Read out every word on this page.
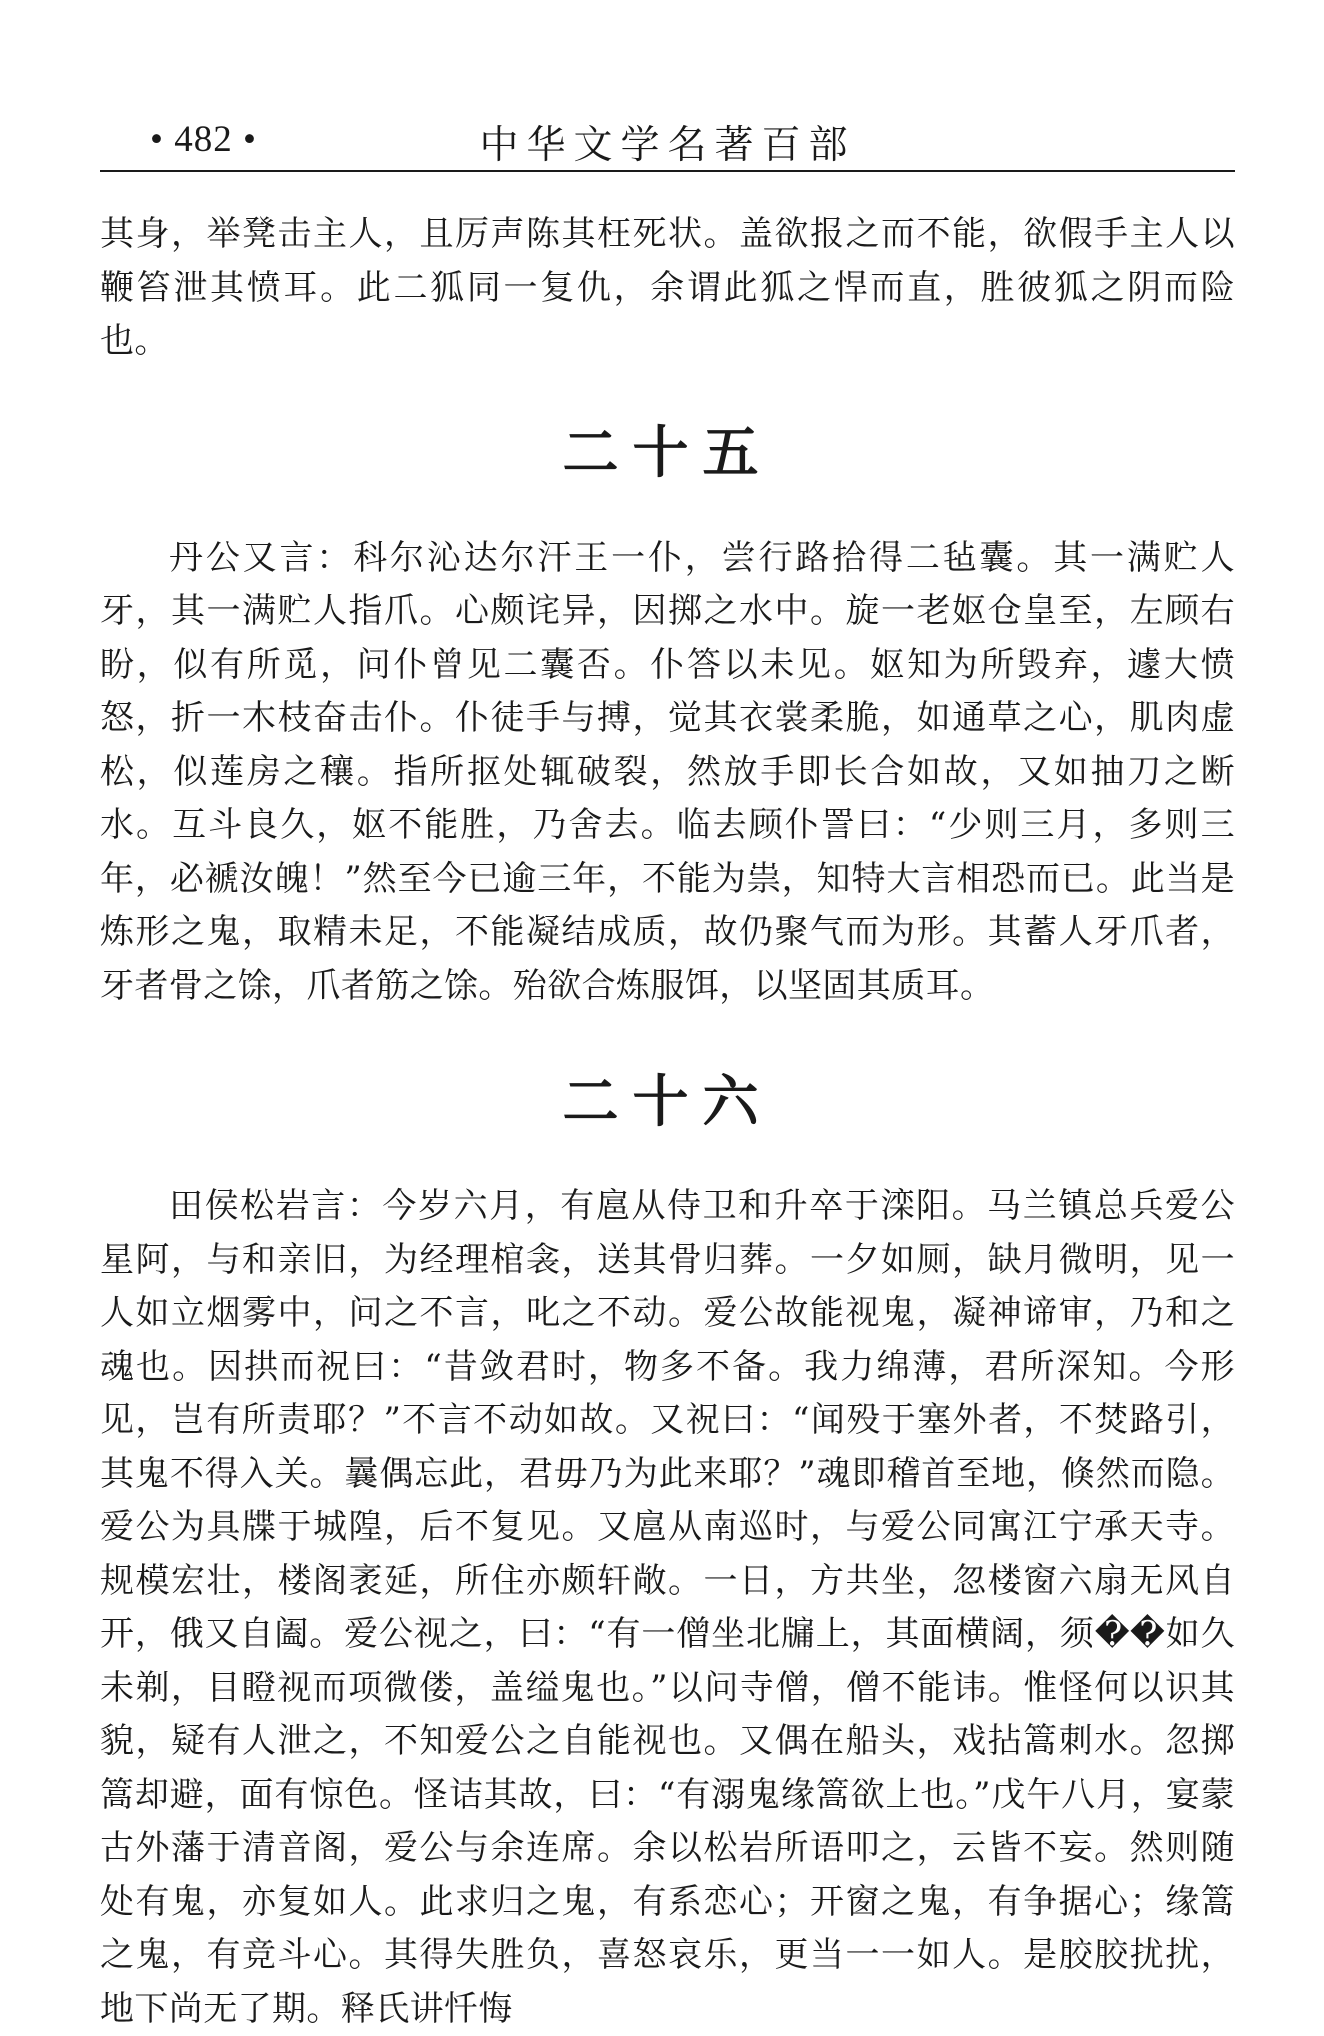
• 482 •	中华文学名著百部

其身，举凳击主人，且厉声陈其枉死状。盖欲报之而不能，欲假手主人以鞭笞泄其愤耳。此二狐同一复仇，余谓此狐之悍而直，胜彼狐之阴而险也。

二十五

丹公又言：科尔沁达尔汗王一仆，尝行路拾得二毡囊。其一满贮人牙，其一满贮人指爪。心颇诧异，因掷之水中。旋一老妪仓皇至，左顾右盼，似有所觅，问仆曾见二囊否。仆答以未见。妪知为所毁弃，遽大愤怒，折一木枝奋击仆。仆徒手与搏，觉其衣裳柔脆，如通草之心，肌肉虚松，似莲房之穰。指所抠处辄破裂，然放手即长合如故，又如抽刀之断水。互斗良久，妪不能胜，乃舍去。临去顾仆詈曰：“少则三月，多则三年，必褫汝魄！”然至今已逾三年，不能为祟，知特大言相恐而已。此当是炼形之鬼，取精未足，不能凝结成质，故仍聚气而为形。其蓄人牙爪者，牙者骨之馀，爪者筋之馀。殆欲合炼服饵，以坚固其质耳。

二十六

田侯松岩言：今岁六月，有扈从侍卫和升卒于滦阳。马兰镇总兵爱公星阿，与和亲旧，为经理棺衾，送其骨归葬。一夕如厕，缺月微明，见一人如立烟雾中，问之不言，叱之不动。爱公故能视鬼，凝神谛审，乃和之魂也。因拱而祝曰：“昔敛君时，物多不备。我力绵薄，君所深知。今形见，岂有所责耶？”不言不动如故。又祝曰：“闻殁于塞外者，不焚路引，其鬼不得入关。曩偶忘此，君毋乃为此来耶？”魂即稽首至地，倏然而隐。爱公为具牒于城隍，后不复见。又扈从南巡时，与爱公同寓江宁承天寺。规模宏壮，楼阁袤延，所住亦颇轩敞。一日，方共坐，忽楼窗六扇无风自开，俄又自阖。爱公视之，曰：“有一僧坐北牖上，其面横阔，须��如久未剃，目瞪视而项微偻，盖缢鬼也。”以问寺僧，僧不能讳。惟怪何以识其貌，疑有人泄之，不知爱公之自能视也。又偶在船头，戏拈篙刺水。忽掷篙却避，面有惊色。怪诘其故，曰：“有溺鬼缘篙欲上也。”戊午八月，宴蒙古外藩于清音阁，爱公与余连席。余以松岩所语叩之，云皆不妄。然则随处有鬼，亦复如人。此求归之鬼，有系恋心；开窗之鬼，有争据心；缘篙之鬼，有竞斗心。其得失胜负，喜怒哀乐，更当一一如人。是胶胶扰扰，地下尚无了期。释氏讲忏悔
